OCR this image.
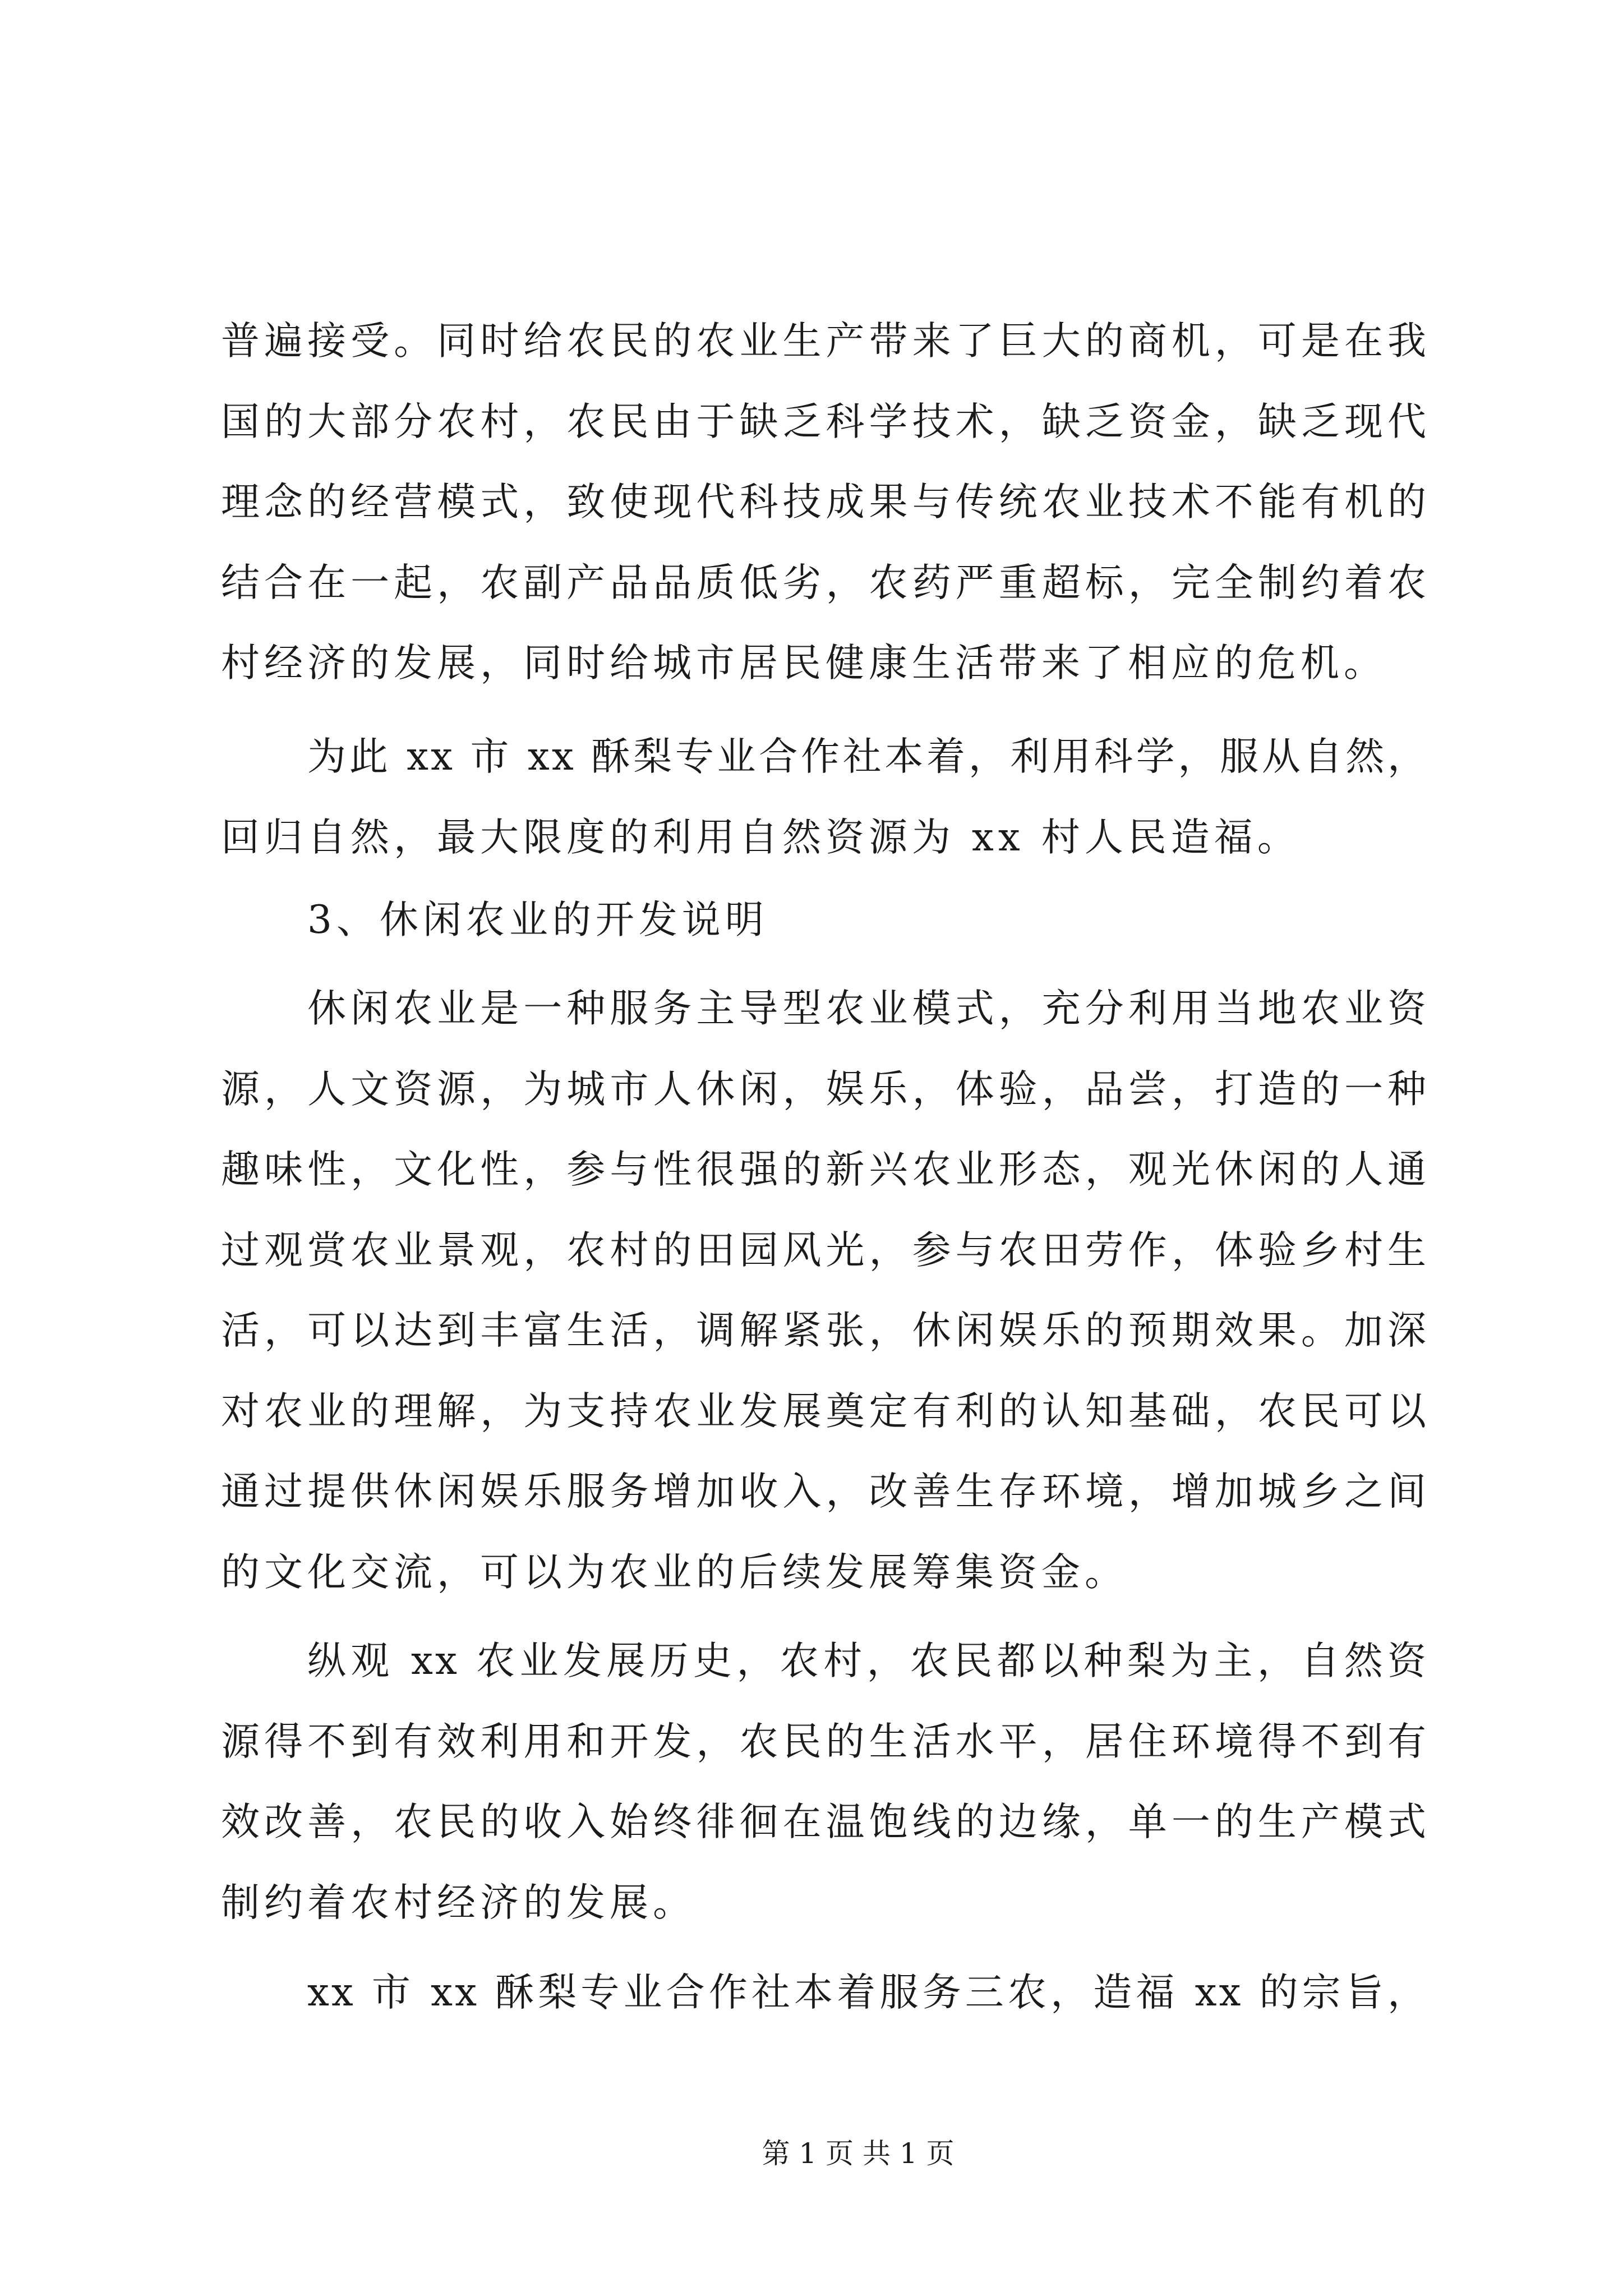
普遍接受。同时给农民的农业生产带来了巨大的商机，可是在我
国的大部分农村，农民由于缺乏科学技术，缺乏资金，缺乏现代
理念的经营模式，致使现代科技成果与传统农业技术不能有机的
结合在一起，农副产品品质低劣，农药严重超标，完全制约着农
村经济的发展，同时给城市居民健康生活带来了相应的危机。
为此 xx 市 xx 酥梨专业合作社本着，利用科学，服从自然，
回归自然，最大限度的利用自然资源为 xx 村人民造福。
3、休闲农业的开发说明
休闲农业是一种服务主导型农业模式，充分利用当地农业资
源，人文资源，为城市人休闲，娱乐，体验，品尝，打造的一种
趣味性，文化性，参与性很强的新兴农业形态，观光休闲的人通
过观赏农业景观，农村的田园风光，参与农田劳作，体验乡村生
活，可以达到丰富生活，调解紧张，休闲娱乐的预期效果。加深
对农业的理解，为支持农业发展奠定有利的认知基础，农民可以
通过提供休闲娱乐服务增加收入，改善生存环境，增加城乡之间
的文化交流，可以为农业的后续发展筹集资金。
纵观 xx 农业发展历史，农村，农民都以种梨为主，自然资
源得不到有效利用和开发，农民的生活水平，居住环境得不到有
效改善，农民的收入始终徘徊在温饱线的边缘，单一的生产模式
制约着农村经济的发展。
xx 市 xx 酥梨专业合作社本着服务三农，造福 xx 的宗旨，
第 1 页 共 1 页
